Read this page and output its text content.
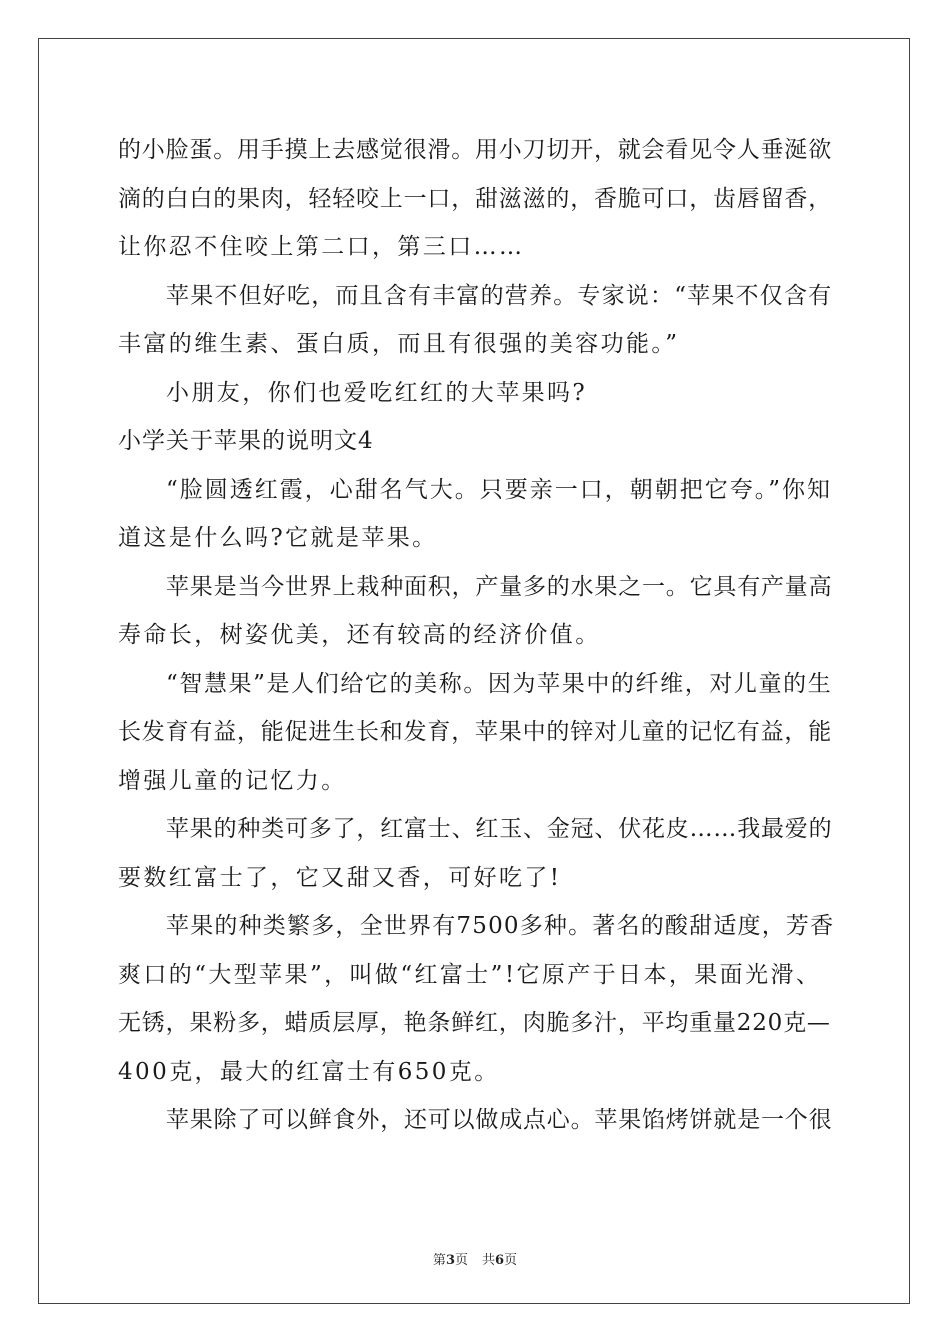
的小脸蛋。用手摸上去感觉很滑。用小刀切开，就会看见令人垂涎欲
滴的白白的果肉，轻轻咬上一口，甜滋滋的，香脆可口，齿唇留香，
让你忍不住咬上第二口，第三口……
苹果不但好吃，而且含有丰富的营养。专家说：“苹果不仅含有
丰富的维生素、蛋白质，而且有很强的美容功能。”
小朋友，你们也爱吃红红的大苹果吗?
小学关于苹果的说明文4
“脸圆透红霞，心甜名气大。只要亲一口，朝朝把它夸。”你知
道这是什么吗?它就是苹果。
苹果是当今世界上栽种面积，产量多的水果之一。它具有产量高
寿命长，树姿优美，还有较高的经济价值。
“智慧果”是人们给它的美称。因为苹果中的纤维，对儿童的生
长发育有益，能促进生长和发育，苹果中的锌对儿童的记忆有益，能
增强儿童的记忆力。
苹果的种类可多了，红富士、红玉、金冠、伏花皮……我最爱的
要数红富士了，它又甜又香，可好吃了!
苹果的种类繁多，全世界有7500多种。著名的酸甜适度，芳香
爽口的“大型苹果”，叫做“红富士”!它原产于日本，果面光滑、
无锈，果粉多，蜡质层厚，艳条鲜红，肉脆多汁，平均重量220克—
400克，最大的红富士有650克。
苹果除了可以鲜食外，还可以做成点心。苹果馅烤饼就是一个很
第3页 共6页
